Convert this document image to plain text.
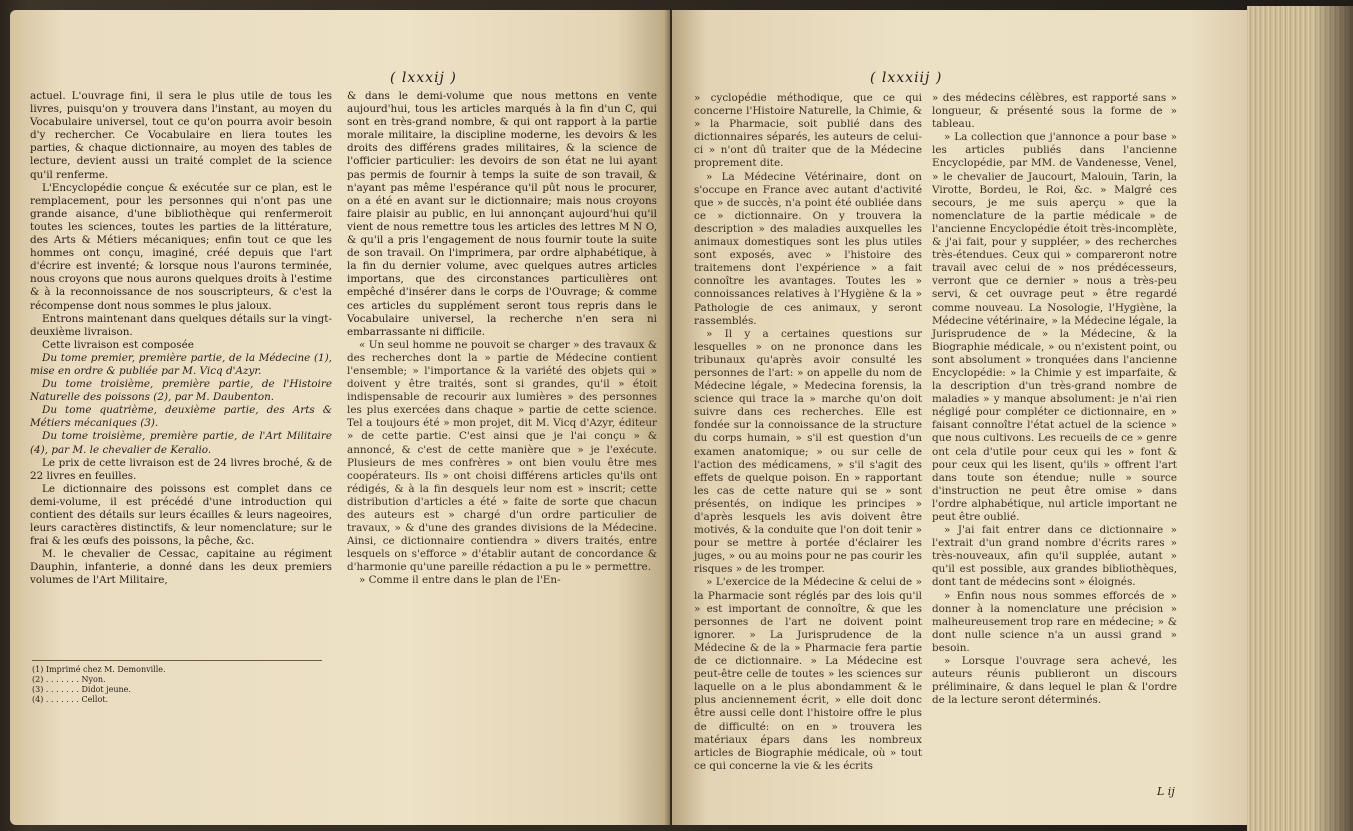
( lxxxij )

actuel. L'ouvrage fini, il sera le plus utile de tous les livres, puisqu'on y trouvera dans l'instant, au moyen du Vocabulaire universel, tout ce qu'on pourra avoir besoin d'y rechercher. Ce Vocabulaire en liera toutes les parties, & chaque dictionnaire, au moyen des tables de lecture, devient aussi un traité complet de la science qu'il renferme.

L'Encyclopédie conçue & exécutée sur ce plan, est le remplacement, pour les personnes qui n'ont pas une grande aisance, d'une bibliothèque qui renfermeroit toutes les sciences, toutes les parties de la littérature, des Arts & Métiers mécaniques; enfin tout ce que les hommes ont conçu, imaginé, créé depuis que l'art d'écrire est inventé; & lorsque nous l'aurons terminée, nous croyons que nous aurons quelques droits à l'estime & à la reconnoissance de nos souscripteurs, & c'est la récompense dont nous sommes le plus jaloux.

Entrons maintenant dans quelques détails sur la vingt-deuxième livraison.

Cette livraison est composée

Du tome premier, première partie, de la Médecine (1), mise en ordre & publiée par M. Vicq d'Azyr.

Du tome troisième, première partie, de l'Histoire Naturelle des poissons (2), par M. Daubenton.

Du tome quatrième, deuxième partie, des Arts & Métiers mécaniques (3).

Du tome troisième, première partie, de l'Art Militaire (4), par M. le chevalier de Keralio.

Le prix de cette livraison est de 24 livres broché, & de 22 livres en feuilles.

Le dictionnaire des poissons est complet dans ce demi-volume, il est précédé d'une introduction qui contient des détails sur leurs écailles & leurs nageoires, leurs caractères distinctifs, & leur nomenclature; sur le frai & les œufs des poissons, la pêche, &c.

M. le chevalier de Cessac, capitaine au régiment Dauphin, infanterie, a donné dans les deux premiers volumes de l'Art Militaire,

& dans le demi-volume que nous mettons en vente aujourd'hui, tous les articles marqués à la fin d'un C, qui sont en très-grand nombre, & qui ont rapport à la partie morale militaire, la discipline moderne, les devoirs & les droits des différens grades militaires, & la science de l'officier particulier: les devoirs de son état ne lui ayant pas permis de fournir à temps la suite de son travail, & n'ayant pas même l'espérance qu'il pût nous le procurer, on a été en avant sur le dictionnaire; mais nous croyons faire plaisir au public, en lui annonçant aujourd'hui qu'il vient de nous remettre tous les articles des lettres M N O, & qu'il a pris l'engagement de nous fournir toute la suite de son travail. On l'imprimera, par ordre alphabétique, à la fin du dernier volume, avec quelques autres articles importans, que des circonstances particulières ont empêché d'insérer dans le corps de l'Ouvrage; & comme ces articles du supplément seront tous repris dans le Vocabulaire universel, la recherche n'en sera ni embarrassante ni difficile.

« Un seul homme ne pouvoit se charger » des travaux & des recherches dont la » partie de Médecine contient l'ensemble; » l'importance & la variété des objets qui » doivent y être traités, sont si grandes, qu'il » étoit indispensable de recourir aux lumières » des personnes les plus exercées dans chaque » partie de cette science. Tel a toujours été » mon projet, dit M. Vicq d'Azyr, éditeur » de cette partie. C'est ainsi que je l'ai conçu » & annoncé, & c'est de cette manière que » je l'exécute. Plusieurs de mes confrères » ont bien voulu être mes coopérateurs. Ils » ont choisi différens articles qu'ils ont rédigés, & à la fin desquels leur nom est » inscrit; cette distribution d'articles a été » faite de sorte que chacun des auteurs est » chargé d'un ordre particulier de travaux, » & d'une des grandes divisions de la Médecine. Ainsi, ce dictionnaire contiendra » divers traités, entre lesquels on s'efforce » d'établir autant de concordance & d'harmonie qu'une pareille rédaction a pu le » permettre.

» Comme il entre dans le plan de l'En-

(1) Imprimé chez M. Demonville.
(2) . . . . . . . Nyon.
(3) . . . . . . . Didot jeune.
(4) . . . . . . . Cellot.
( lxxxiij )

» cyclopédie méthodique, que ce qui concerne l'Histoire Naturelle, la Chimie, & » la Pharmacie, soit publié dans des dictionnaires séparés, les auteurs de celui-ci » n'ont dû traiter que de la Médecine proprement dite.

» La Médecine Vétérinaire, dont on s'occupe en France avec autant d'activité que » de succès, n'a point été oubliée dans ce » dictionnaire. On y trouvera la description » des maladies auxquelles les animaux domestiques sont les plus utiles sont exposés, avec » l'histoire des traitemens dont l'expérience » a fait connoître les avantages. Toutes les » connoissances relatives à l'Hygiène & la » Pathologie de ces animaux, y seront rassemblés.

» Il y a certaines questions sur lesquelles » on ne prononce dans les tribunaux qu'après avoir consulté les personnes de l'art: » on appelle du nom de Médecine légale, » Medecina forensis, la science qui trace la » marche qu'on doit suivre dans ces recherches. Elle est fondée sur la connoissance de la structure du corps humain, » s'il est question d'un examen anatomique; » ou sur celle de l'action des médicamens, » s'il s'agit des effets de quelque poison. En » rapportant les cas de cette nature qui se » sont présentés, on indique les principes » d'après lesquels les avis doivent être motivés, & la conduite que l'on doit tenir » pour se mettre à portée d'éclairer les juges, » ou au moins pour ne pas courir les risques » de les tromper.

» L'exercice de la Médecine & celui de » la Pharmacie sont réglés par des lois qu'il » est important de connoître, & que les personnes de l'art ne doivent point ignorer. » La Jurisprudence de la Médecine & de la » Pharmacie fera partie de ce dictionnaire. » La Médecine est peut-être celle de toutes » les sciences sur laquelle on a le plus abondamment & le plus anciennement écrit, » elle doit donc être aussi celle dont l'histoire offre le plus de difficulté: on en » trouvera les matériaux épars dans les nombreux articles de Biographie médicale, où » tout ce qui concerne la vie & les écrits

» des médecins célèbres, est rapporté sans » longueur, & présenté sous la forme de » tableau.

» La collection que j'annonce a pour base » les articles publiés dans l'ancienne Encyclopédie, par MM. de Vandenesse, Venel, » le chevalier de Jaucourt, Malouin, Tarin, la Virotte, Bordeu, le Roi, &c. » Malgré ces secours, je me suis aperçu » que la nomenclature de la partie médicale » de l'ancienne Encyclopédie étoit très-incomplète, & j'ai fait, pour y suppléer, » des recherches très-étendues. Ceux qui » compareront notre travail avec celui de » nos prédécesseurs, verront que ce dernier » nous a très-peu servi, & cet ouvrage peut » être regardé comme nouveau. La Nosologie, l'Hygiène, la Médecine vétérinaire, » la Médecine légale, la Jurisprudence de » la Médecine, & la Biographie médicale, » ou n'existent point, ou sont absolument » tronquées dans l'ancienne Encyclopédie: » la Chimie y est imparfaite, & la description d'un très-grand nombre de maladies » y manque absolument: je n'ai rien négligé pour compléter ce dictionnaire, en » faisant connoître l'état actuel de la science » que nous cultivons. Les recueils de ce » genre ont cela d'utile pour ceux qui les » font & pour ceux qui les lisent, qu'ils » offrent l'art dans toute son étendue; nulle » source d'instruction ne peut être omise » dans l'ordre alphabétique, nul article important ne peut être oublié.

» J'ai fait entrer dans ce dictionnaire » l'extrait d'un grand nombre d'écrits rares » très-nouveaux, afin qu'il supplée, autant » qu'il est possible, aux grandes bibliothèques, dont tant de médecins sont » éloignés.

» Enfin nous nous sommes efforcés de » donner à la nomenclature une précision » malheureusement trop rare en médecine; » & dont nulle science n'a un aussi grand » besoin.

» Lorsque l'ouvrage sera achevé, les auteurs réunis publieront un discours préliminaire, & dans lequel le plan & l'ordre de la lecture seront déterminés.

L ij
